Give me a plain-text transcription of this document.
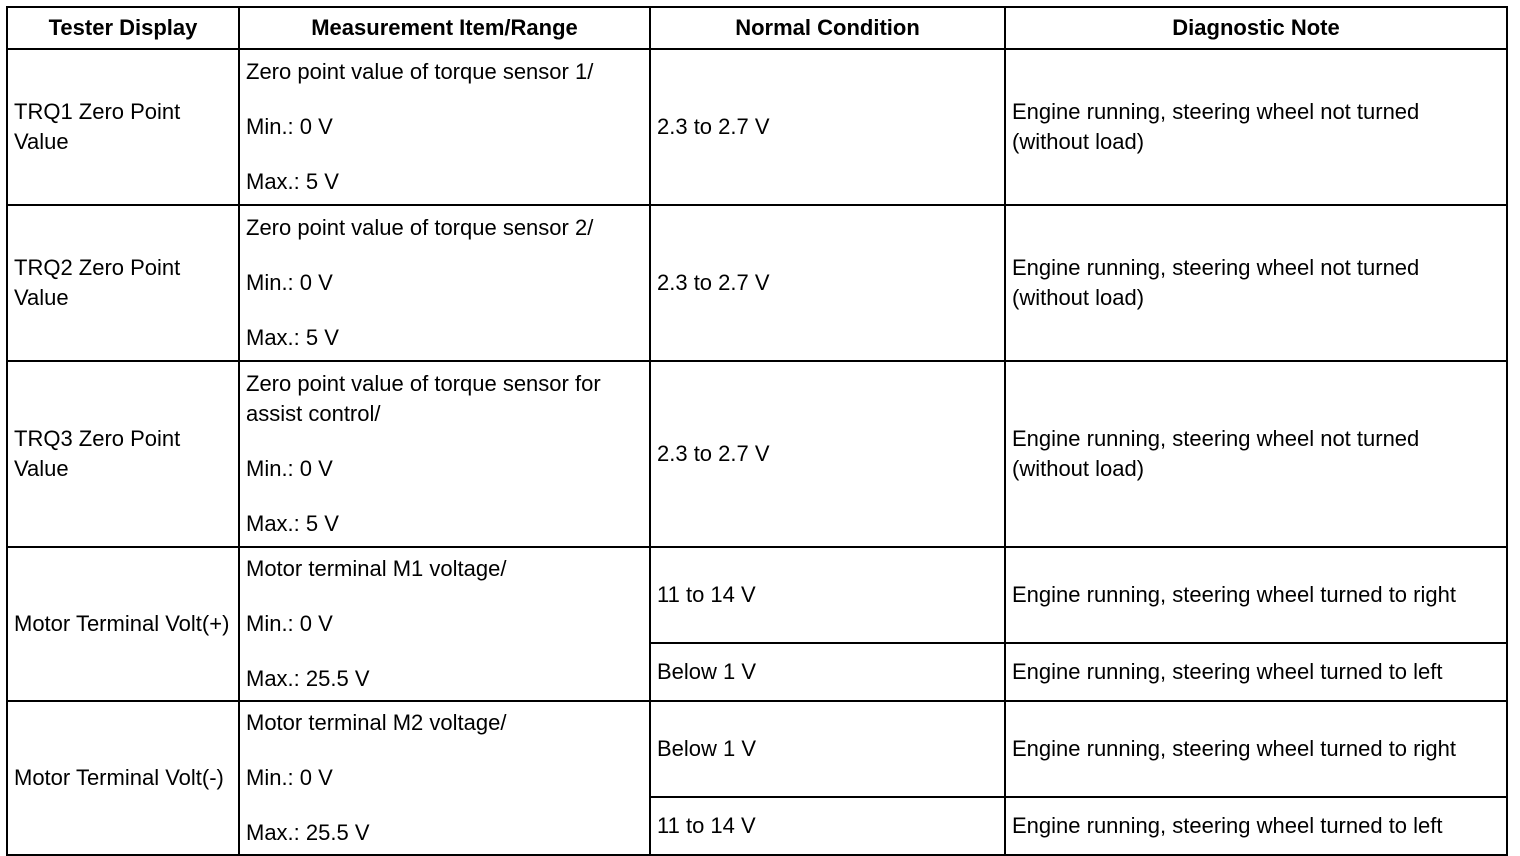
Tester Display	Measurement Item/Range	Normal Condition	Diagnostic Note
TRQ1 Zero Point Value	Zero point value of torque sensor 1/
Min.: 0 V
Max.: 5 V	2.3 to 2.7 V	Engine running, steering wheel not turned (without load)
TRQ2 Zero Point Value	Zero point value of torque sensor 2/
Min.: 0 V
Max.: 5 V	2.3 to 2.7 V	Engine running, steering wheel not turned (without load)
TRQ3 Zero Point Value	Zero point value of torque sensor for assist control/
Min.: 0 V
Max.: 5 V	2.3 to 2.7 V	Engine running, steering wheel not turned (without load)
Motor Terminal Volt(+)	Motor terminal M1 voltage/
Min.: 0 V
Max.: 25.5 V	11 to 14 V	Engine running, steering wheel turned to right
		Below 1 V	Engine running, steering wheel turned to left
Motor Terminal Volt(-)	Motor terminal M2 voltage/
Min.: 0 V
Max.: 25.5 V	Below 1 V	Engine running, steering wheel turned to right
		11 to 14 V	Engine running, steering wheel turned to left
